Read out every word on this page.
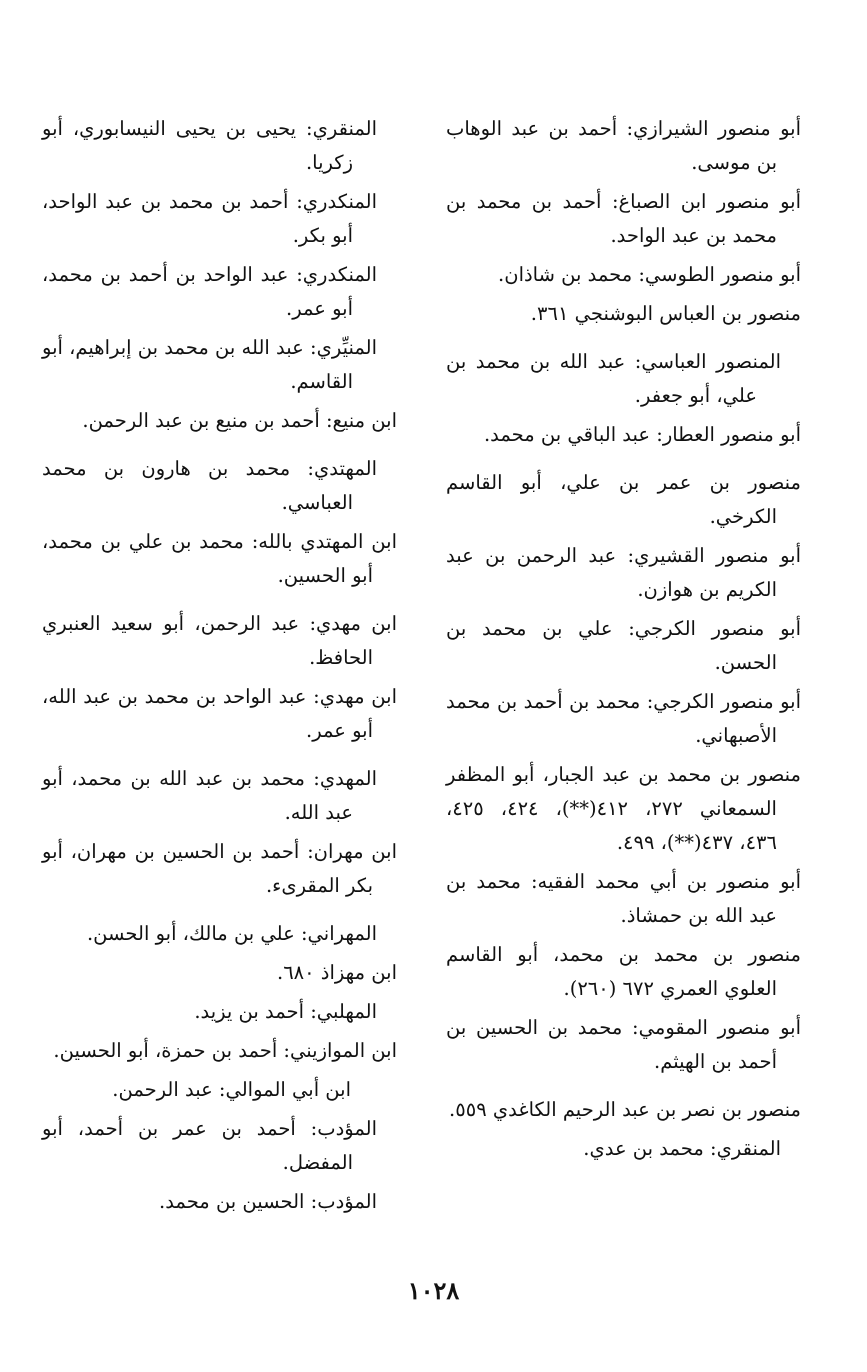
أبو منصور الشيرازي: أحمد بن عبد الوهاب بن موسى.

أبو منصور ابن الصباغ: أحمد بن محمد بن محمد بن عبد الواحد.

أبو منصور الطوسي: محمد بن شاذان.

منصور بن العباس البوشنجي ٣٦١.

المنصور العباسي: عبد الله بن محمد بن علي، أبو جعفر.

أبو منصور العطار: عبد الباقي بن محمد.

منصور بن عمر بن علي، أبو القاسم الكرخي.

أبو منصور القشيري: عبد الرحمن بن عبد الكريم بن هوازن.

أبو منصور الكرجي: علي بن محمد بن الحسن.

أبو منصور الكرجي: محمد بن أحمد بن محمد الأصبهاني.

منصور بن محمد بن عبد الجبار، أبو المظفر السمعاني ٢٧٢، ٤١٢(**)، ٤٢٤، ٤٢٥، ٤٣٦، ٤٣٧(**)، ٤٩٩.

أبو منصور بن أبي محمد الفقيه: محمد بن عبد الله بن حمشاذ.

منصور بن محمد بن محمد، أبو القاسم العلوي العمري ٦٧٢ (٢٦٠).

أبو منصور المقومي: محمد بن الحسين بن أحمد بن الهيثم.

منصور بن نصر بن عبد الرحيم الكاغدي ٥٥٩.

المنقري: محمد بن عدي.

المنقري: يحيى بن يحيى النيسابوري، أبو زكريا.

المنكدري: أحمد بن محمد بن عبد الواحد، أبو بكر.

المنكدري: عبد الواحد بن أحمد بن محمد، أبو عمر.

المنيِّري: عبد الله بن محمد بن إبراهيم، أبو القاسم.

ابن منيع: أحمد بن منيع بن عبد الرحمن.

المهتدي: محمد بن هارون بن محمد العباسي.

ابن المهتدي بالله: محمد بن علي بن محمد، أبو الحسين.

ابن مهدي: عبد الرحمن، أبو سعيد العنبري الحافظ.

ابن مهدي: عبد الواحد بن محمد بن عبد الله، أبو عمر.

المهدي: محمد بن عبد الله بن محمد، أبو عبد الله.

ابن مهران: أحمد بن الحسين بن مهران، أبو بكر المقرىء.

المهراني: علي بن مالك، أبو الحسن.

ابن مهزاذ ٦٨٠.

المهلبي: أحمد بن يزيد.

ابن الموازيني: أحمد بن حمزة، أبو الحسين.

ابن أبي الموالي: عبد الرحمن.

المؤدب: أحمد بن عمر بن أحمد، أبو المفضل.

المؤدب: الحسين بن محمد.

١٠٢٨
